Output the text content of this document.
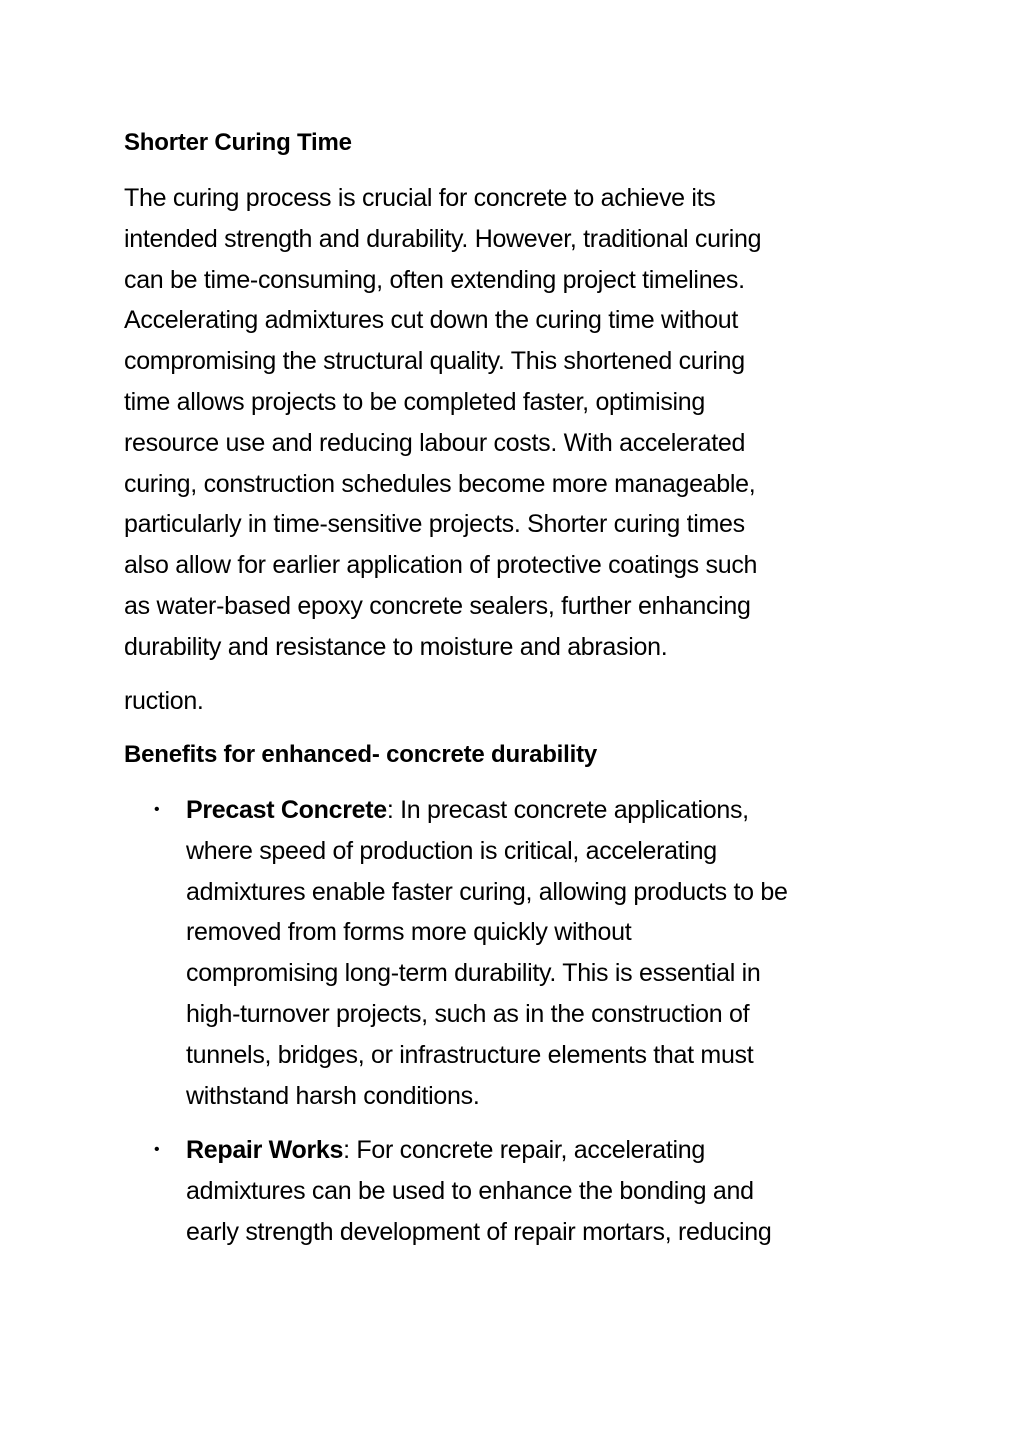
Shorter Curing Time
The curing process is crucial for concrete to achieve its
intended strength and durability. However, traditional curing
can be time-consuming, often extending project timelines.
Accelerating admixtures cut down the curing time without
compromising the structural quality. This shortened curing
time allows projects to be completed faster, optimising
resource use and reducing labour costs. With accelerated
curing, construction schedules become more manageable,
particularly in time-sensitive projects. Shorter curing times
also allow for earlier application of protective coatings such
as water-based epoxy concrete sealers, further enhancing
durability and resistance to moisture and abrasion.
ruction.
Benefits for enhanced- concrete durability
• Precast Concrete: In precast concrete applications,
where speed of production is critical, accelerating
admixtures enable faster curing, allowing products to be
removed from forms more quickly without
compromising long-term durability. This is essential in
high-turnover projects, such as in the construction of
tunnels, bridges, or infrastructure elements that must
withstand harsh conditions.
• Repair Works: For concrete repair, accelerating
admixtures can be used to enhance the bonding and
early strength development of repair mortars, reducing
